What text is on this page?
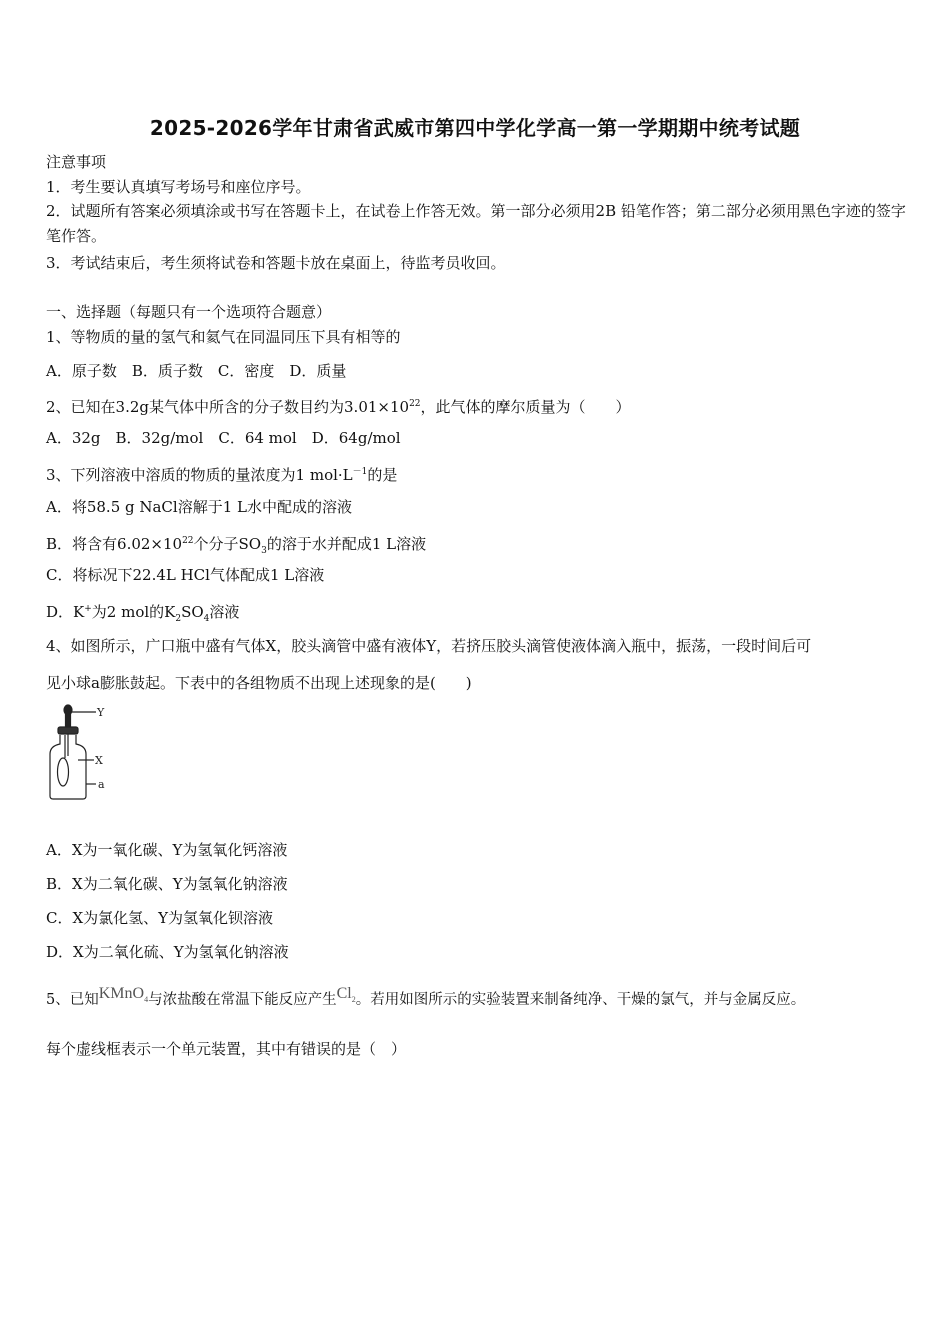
2025-2026学年甘肃省武威市第四中学化学高一第一学期期中统考试题
注意事项
1．考生要认真填写考场号和座位序号。
2．试题所有答案必须填涂或书写在答题卡上，在试卷上作答无效。第一部分必须用2B 铅笔作答；第二部分必须用黑色字迹的签字笔作答。
3．考试结束后，考生须将试卷和答题卡放在桌面上，待监考员收回。
一、选择题（每题只有一个选项符合题意）
1、等物质的量的氢气和氦气在同温同压下具有相等的
A．原子数　B．质子数　C．密度　D．质量
2、已知在3.2g某气体中所含的分子数目约为$3.01\times 10^{22}$，此气体的摩尔质量为（　　）
A．32g　B．32g/mol　C．64 mol　D．64g/mol
3、下列溶液中溶质的物质的量浓度为1 $mol\cdot L^{-1}$的是
A．将58.5 g NaCl溶解于1 L水中配成的溶液
B．将含有$6.02\times 10^{22}$个分子$SO_3$的溶于水并配成1 L溶液
C．将标况下22.4L HCl气体配成1 L溶液
D．K+为2 mol的$K_2SO_4$溶液
4、如图所示，广口瓶中盛有气体X，胶头滴管中盛有液体Y，若挤压胶头滴管使液体滴入瓶中，振荡，一段时间后可
见小球a膨胀鼓起。下表中的各组物质不出现上述现象的是(　　)
Y
X
a
A．X为一氧化碳、Y为氢氧化钙溶液
B．X为二氧化碳、Y为氢氧化钠溶液
C．X为氯化氢、Y为氢氧化钡溶液
D．X为二氧化硫、Y为氢氧化钠溶液
5、已知KMnO$_4$与浓盐酸在常温下能反应产生$Cl_2$。若用如图所示的实验装置来制备纯净、干燥的氯气，并与金属反应。
每个虚线框表示一个单元装置，其中有错误的是（　）
